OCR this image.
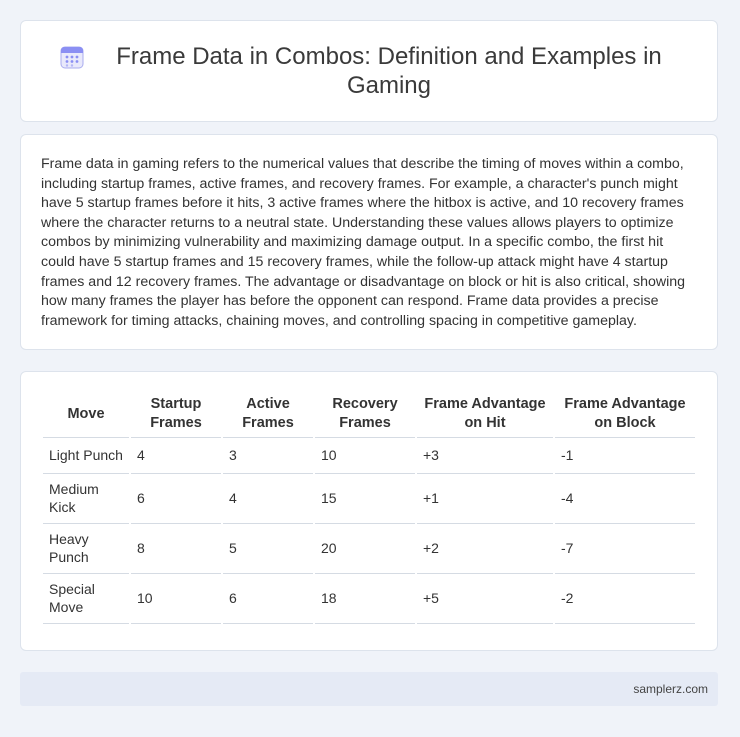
Frame Data in Combos: Definition and Examples in Gaming

Frame data in gaming refers to the numerical values that describe the timing of moves within a combo, including startup frames, active frames, and recovery frames. For example, a character's punch might have 5 startup frames before it hits, 3 active frames where the hitbox is active, and 10 recovery frames where the character returns to a neutral state. Understanding these values allows players to optimize combos by minimizing vulnerability and maximizing damage output. In a specific combo, the first hit could have 5 startup frames and 15 recovery frames, while the follow-up attack might have 4 startup frames and 12 recovery frames. The advantage or disadvantage on block or hit is also critical, showing how many frames the player has before the opponent can respond. Frame data provides a precise framework for timing attacks, chaining moves, and controlling spacing in competitive gameplay.

Move	Startup Frames	Active Frames	Recovery Frames	Frame Advantage on Hit	Frame Advantage on Block
Light Punch	4	3	10	+3	-1
Medium Kick	6	4	15	+1	-4
Heavy Punch	8	5	20	+2	-7
Special Move	10	6	18	+5	-2
samplerz.com
